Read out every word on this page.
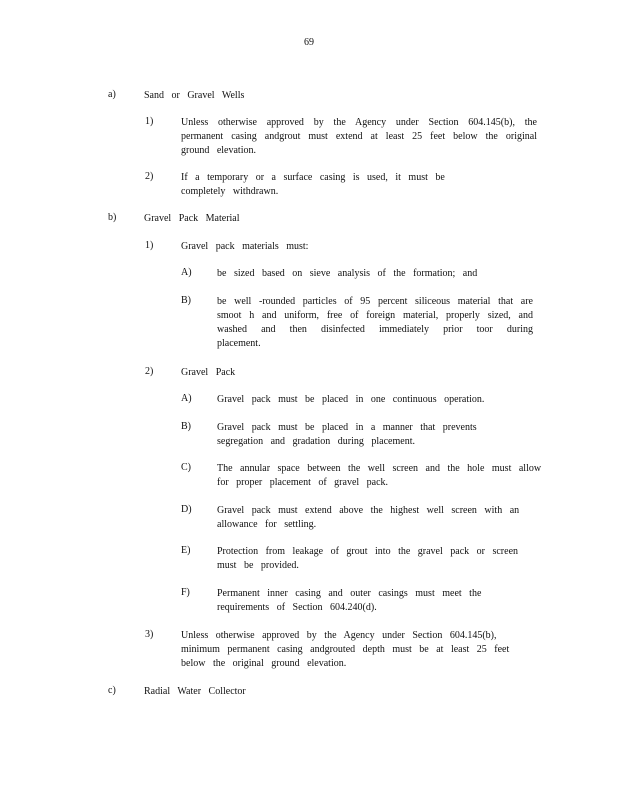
69
a)	Sand or Gravel Wells
1)	Unless otherwise approved by the Agency under Section 604.145(b), the permanent casing andgrout must extend at least 25 feet below the original ground elevation.
2)	If a temporary or a surface casing is used, it must be completely withdrawn.
b)	Gravel Pack Material
1)	Gravel pack materials must:
A)	be sized based on sieve analysis of the formation; and
B)	be well -rounded particles of 95 percent siliceous material that are smoot h and uniform, free of foreign material, properly sized, and washed and then disinfected immediately prior toor during placement.
2)	Gravel Pack
A)	Gravel pack must be placed in one continuous operation.
B)	Gravel pack must be placed in a manner that prevents segregation and gradation during placement.
C)	The annular space between the well screen and the hole must allow for proper placement of gravel pack.
D)	Gravel pack must extend above the highest well screen with an allowance for settling.
E)	Protection from leakage of grout into the gravel pack or screen must be provided.
F)	Permanent inner casing and outer casings must meet the requirements of Section 604.240(d).
3)	Unless otherwise approved by the Agency under Section 604.145(b), minimum permanent casing andgrouted depth must be at least 25 feet below the original ground elevation.
c)	Radial Water Collector
